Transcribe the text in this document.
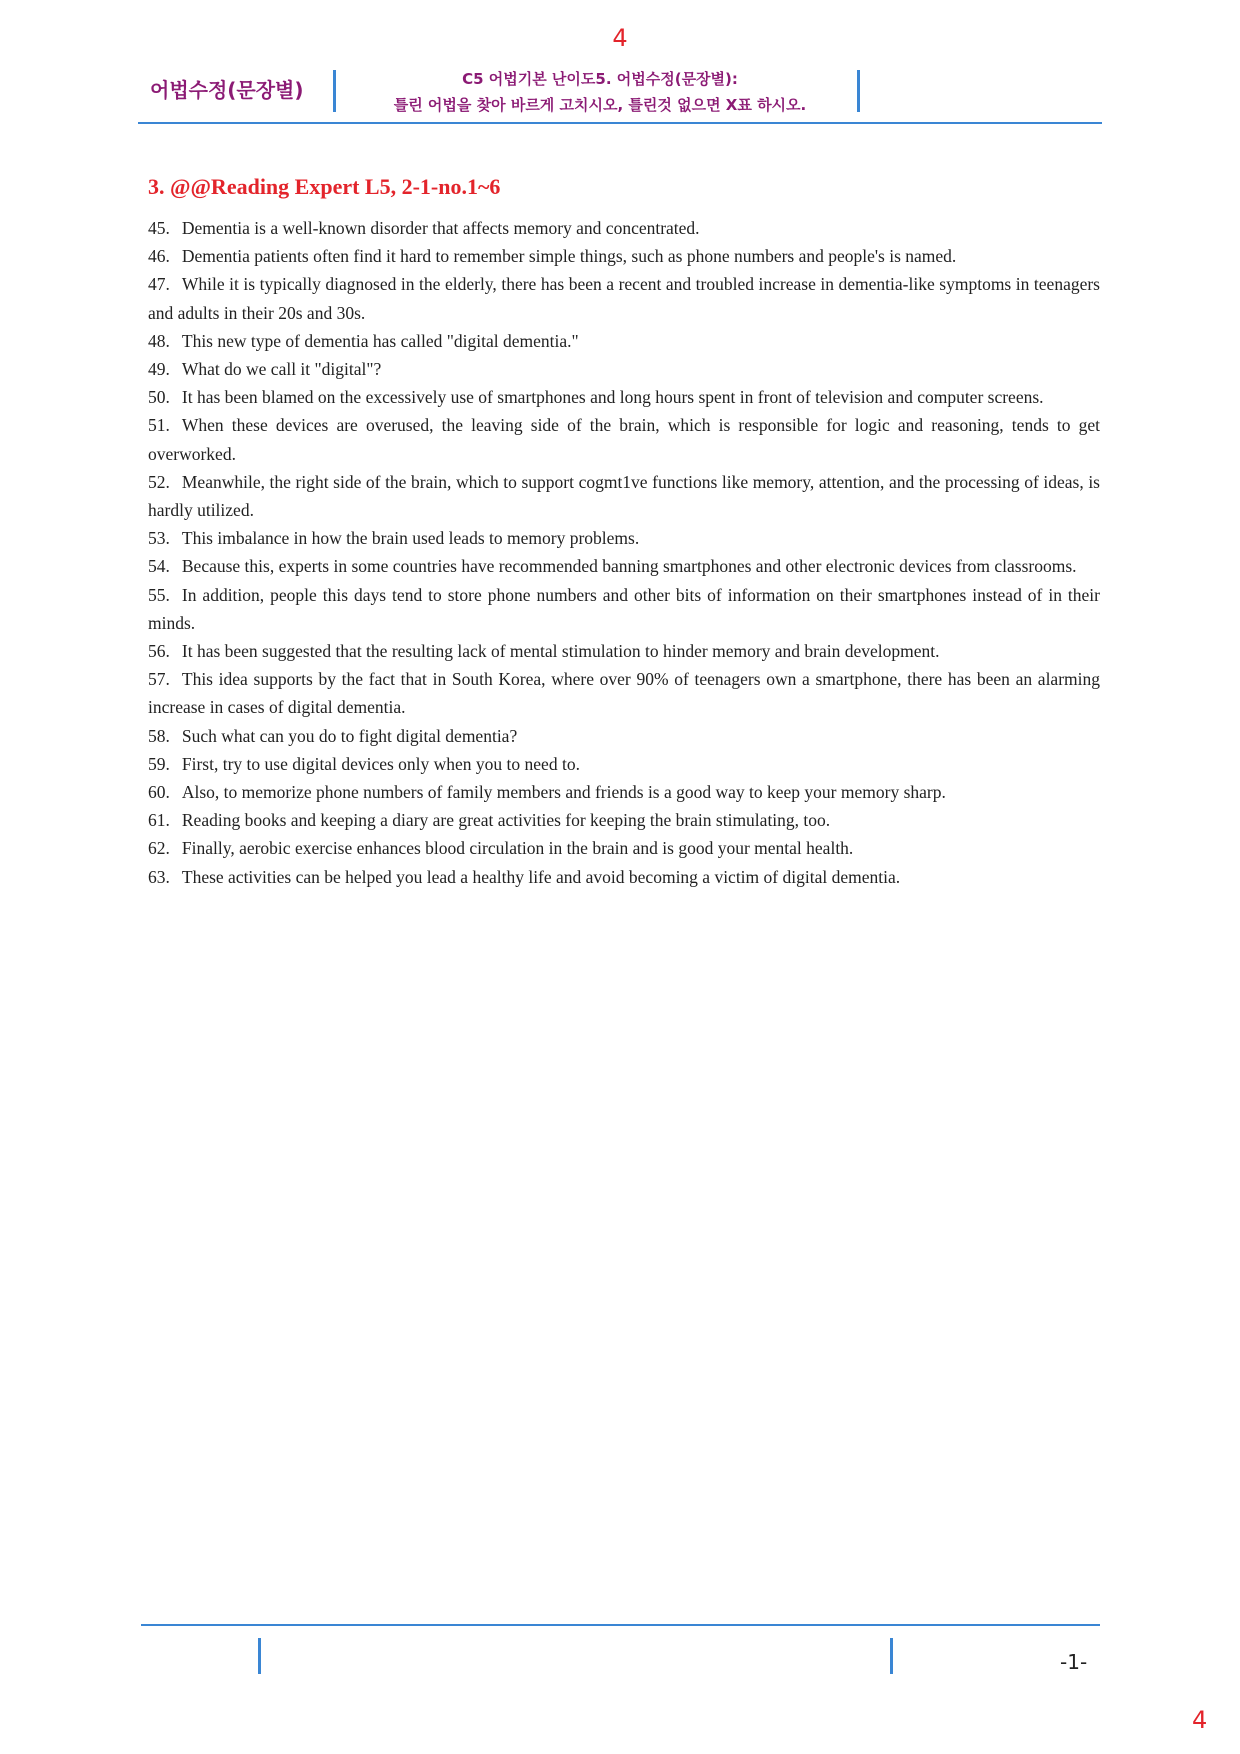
4
어법수정(문장별)	C5 어법기본 난이도5. 어법수정(문장별):
틀린 어법을 찾아 바르게 고치시오, 틀린것 없으면 X표 하시오.
3. @@Reading Expert L5, 2-1-no.1~6
45. Dementia is a well-known disorder that affects memory and concentrated.
46. Dementia patients often find it hard to remember simple things, such as phone numbers and people's is named.
47. While it is typically diagnosed in the elderly, there has been a recent and troubled increase in dementia-like symptoms in teenagers and adults in their 20s and 30s.
48. This new type of dementia has called "digital dementia."
49. What do we call it "digital"?
50. It has been blamed on the excessively use of smartphones and long hours spent in front of television and computer screens.
51. When these devices are overused, the leaving side of the brain, which is responsible for logic and reasoning, tends to get overworked.
52. Meanwhile, the right side of the brain, which to support cogmt1ve functions like memory, attention, and the processing of ideas, is hardly utilized.
53. This imbalance in how the brain used leads to memory problems.
54. Because this, experts in some countries have recommended banning smartphones and other electronic devices from classrooms.
55. In addition, people this days tend to store phone numbers and other bits of information on their smartphones instead of in their minds.
56. It has been suggested that the resulting lack of mental stimulation to hinder memory and brain development.
57. This idea supports by the fact that in South Korea, where over 90% of teenagers own a smartphone, there has been an alarming increase in cases of digital dementia.
58. Such what can you do to fight digital dementia?
59. First, try to use digital devices only when you to need to.
60. Also, to memorize phone numbers of family members and friends is a good way to keep your memory sharp.
61. Reading books and keeping a diary are great activities for keeping the brain stimulating, too.
62. Finally, aerobic exercise enhances blood circulation in the brain and is good your mental health.
63. These activities can be helped you lead a healthy life and avoid becoming a victim of digital dementia.
-1-
4
